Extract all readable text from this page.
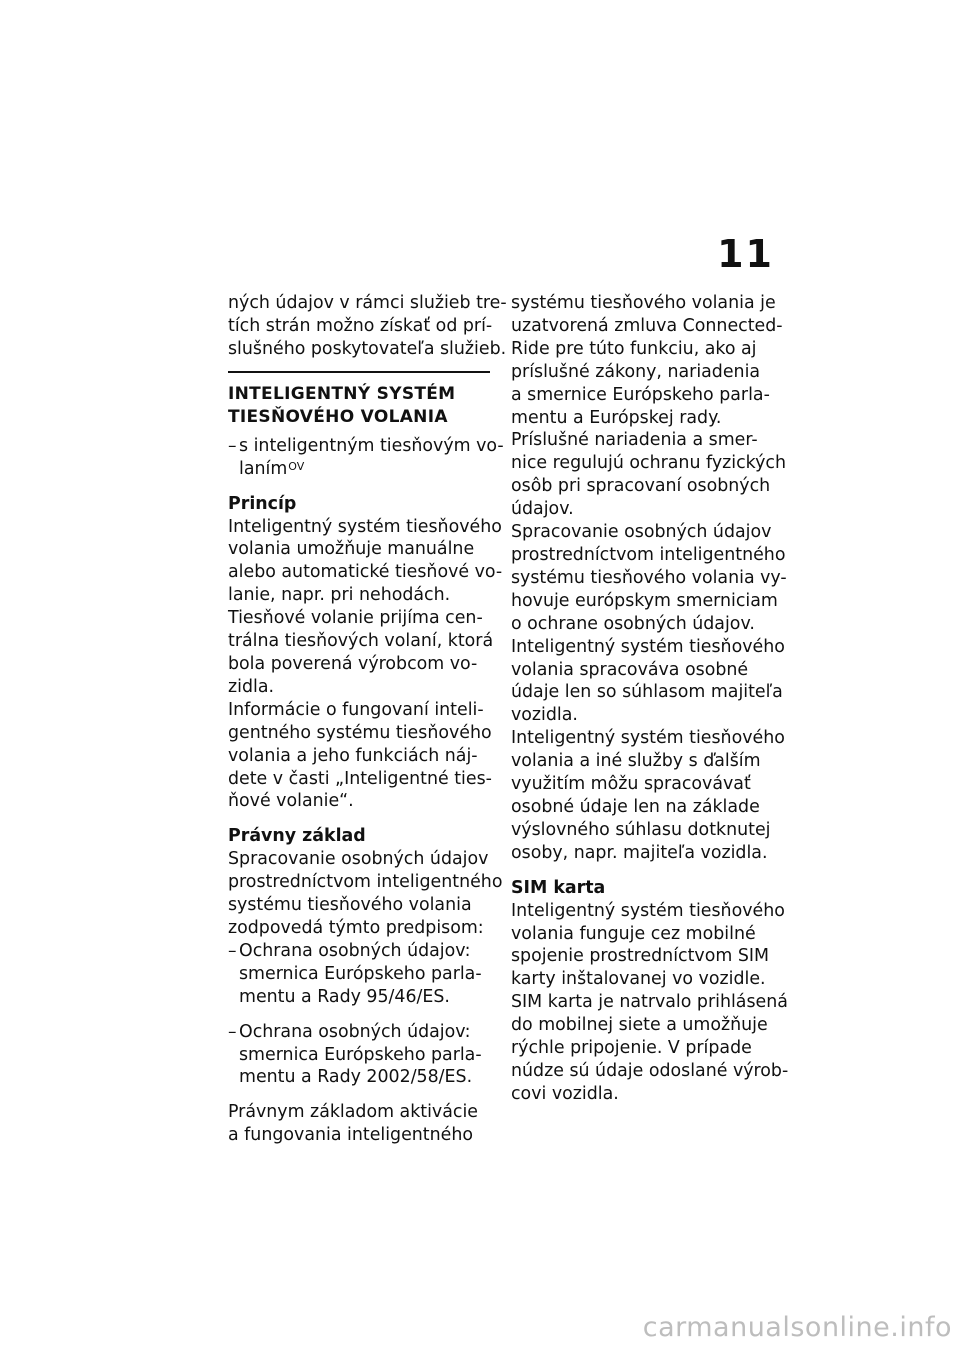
11
ných údajov v rámci služieb tre-
tích strán možno získať od prí-
slušného poskytovateľa služieb.
INTELIGENTNÝ SYSTÉM
TIESŇOVÉHO VOLANIA
– s inteligentným tiesňovým vo-
laním$^{OV}$
Princíp
Inteligentný systém tiesňového
volania umožňuje manuálne
alebo automatické tiesňové vo-
lanie, napr. pri nehodách.
Tiesňové volanie prijíma cen-
trálna tiesňových volaní, ktorá
bola poverená výrobcom vo-
zidla.
Informácie o fungovaní inteli-
gentného systému tiesňového
volania a jeho funkciách náj-
dete v časti „Inteligentné ties-
ňové volanie“.
Právny základ
Spracovanie osobných údajov
prostredníctvom inteligentného
systému tiesňového volania
zodpovedá týmto predpisom:
– Ochrana osobných údajov:
smernica Európskeho parla-
mentu a Rady 95/46/ES.
– Ochrana osobných údajov:
smernica Európskeho parla-
mentu a Rady 2002/58/ES.
Právnym základom aktivácie
a fungovania inteligentného
systému tiesňového volania je
uzatvorená zmluva Connected-
Ride pre túto funkciu, ako aj
príslušné zákony, nariadenia
a smernice Európskeho parla-
mentu a Európskej rady.
Príslušné nariadenia a smer-
nice regulujú ochranu fyzických
osôb pri spracovaní osobných
údajov.
Spracovanie osobných údajov
prostredníctvom inteligentného
systému tiesňového volania vy-
hovuje európskym smerniciam
o ochrane osobných údajov.
Inteligentný systém tiesňového
volania spracováva osobné
údaje len so súhlasom majiteľa
vozidla.
Inteligentný systém tiesňového
volania a iné služby s ďalším
využitím môžu spracovávať
osobné údaje len na základe
výslovného súhlasu dotknutej
osoby, napr. majiteľa vozidla.
SIM karta
Inteligentný systém tiesňového
volania funguje cez mobilné
spojenie prostredníctvom SIM
karty inštalovanej vo vozidle.
SIM karta je natrvalo prihlásená
do mobilnej siete a umožňuje
rýchle pripojenie. V prípade
núdze sú údaje odoslané výrob-
covi vozidla.
carmanualsonline.info
